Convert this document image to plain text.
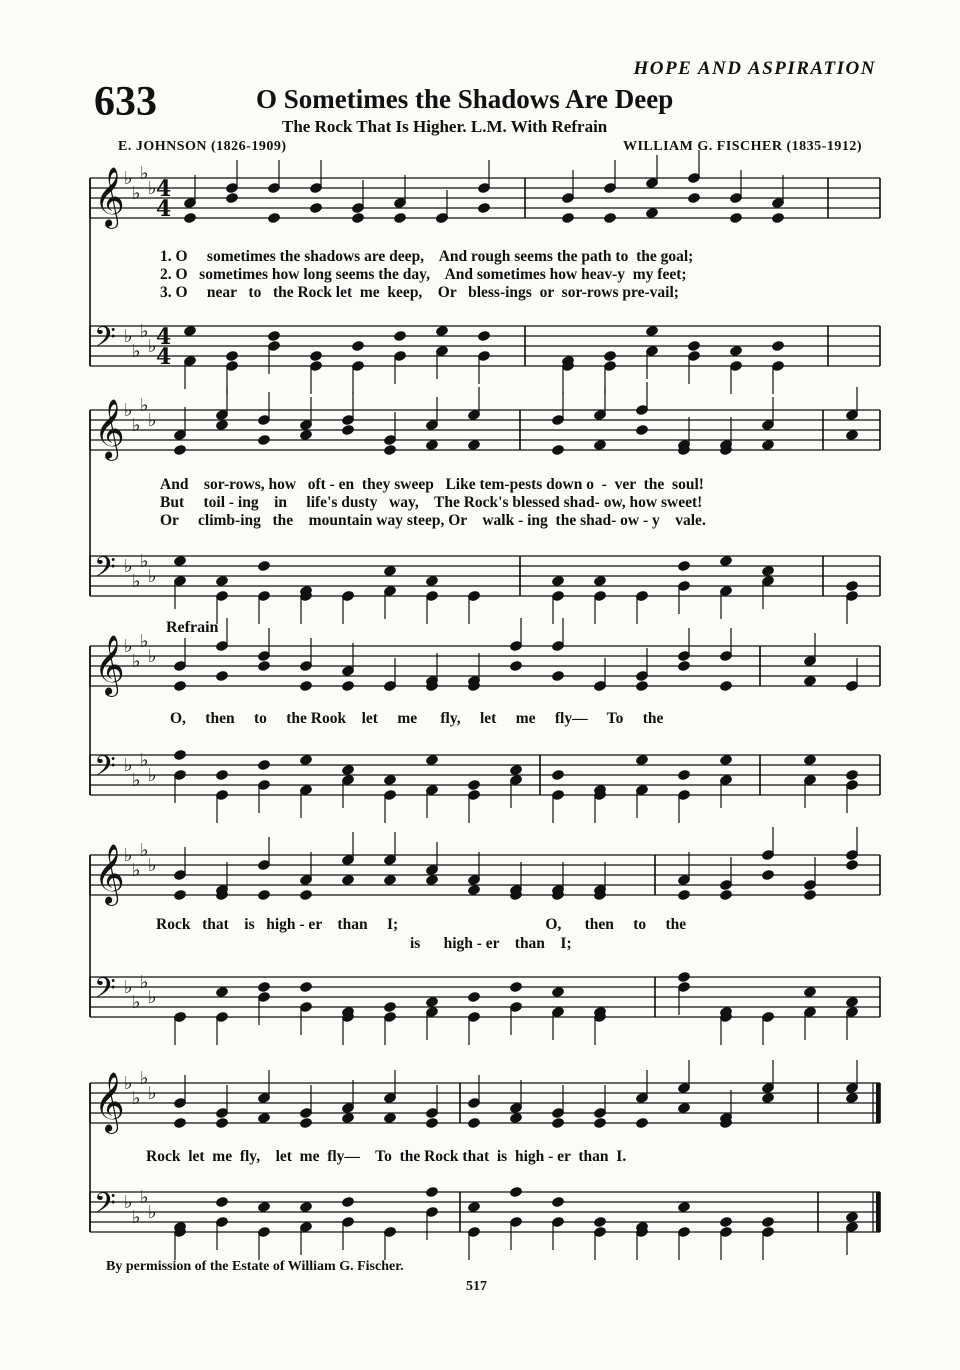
HOPE AND ASPIRATION
633	O Sometimes the Shadows Are Deep
The Rock That Is Higher. L.M. With Refrain
E. JOHNSON (1826-1909)	WILLIAM G. FISCHER (1835-1912)
𝄞 ♭
♭
♭
♭ 4
4
𝄢 ♭
♭
♭
♭ 4
4
𝄞 ♭
♭
♭
♭
𝄢 ♭
♭
♭
♭
𝄞 ♭
♭
♭
♭
𝄢 ♭
♭
♭
♭
𝄞 ♭
♭
♭
♭
𝄢 ♭
♭
♭
♭
𝄞 ♭
♭
♭
♭
𝄢 ♭
♭
♭
♭
1. O     sometimes the shadows are deep,    And rough seems the path to  the goal;
2. O   sometimes how long seems the day,    And sometimes how heav-y  my feet;
3. O     near   to   the Rock let  me  keep,    Or   bless-ings  or  sor-rows pre-vail;
And    sor-rows, how   oft - en  they sweep   Like tem-pests down o  -  ver  the  soul!
But     toil - ing    in     life's dusty   way,    The Rock's blessed shad- ow, how sweet!
Or     climb-ing   the    mountain way steep, Or    walk - ing  the shad- ow - y    vale.
Refrain
O,     then     to     the Rook    let     me      fly,     let     me     fly—     To     the
Rock   that    is   high - er    than     I;                                      O,      then     to     the
is      high - er    than    I;
Rock  let  me  fly,    let  me  fly—    To  the Rock that  is  high - er  than  I.
By permission of the Estate of William G. Fischer.
517
